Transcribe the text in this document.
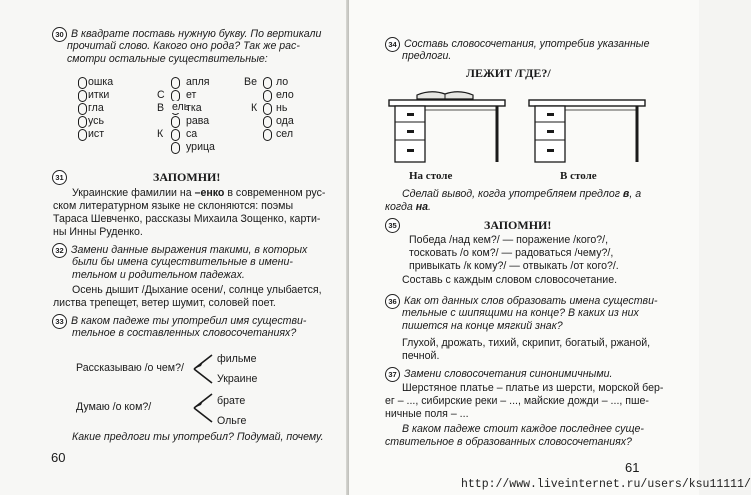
30 В квадрате поставь нужную букву. По вертикали
прочитай слово. Какого оно рода? Так же рас-
смотри остальные существительные:
ошка
итки
гла
усь
ист
С
В
К
апля
ет
ель
тка
рава
са
урица
Ве
К
ло
ело
нь
ода
сел
31	ЗАПОМНИ!
Украинские фамилии на –енко в современном рус-
ском литературном языке не склоняются: поэмы
Тараса Шевченко, рассказы Михаила Зощенко, карти-
ны Инны Руденко.
32 Замени данные выражения такими, в которых
были бы имена существительные в имени-
тельном и родительном падежах.
Осень дышит /Дыхание осени/, солнце улыбается,
листва трепещет, ветер шумит, соловей поет.
33 В каком падеже ты употребил имя существи-
тельное в составленных словосочетаниях?
Рассказываю /о чем?/
фильме
Украине
Думаю /о ком?/	брате
Ольге
Какие предлоги ты употребил? Подумай, почему.
60
34 Составь словосочетания, употребив указанные
предлоги.
ЛЕЖИТ /ГДЕ?/
На столе	В столе
Сделай вывод, когда употребляем предлог в, а
когда на.
35	ЗАПОМНИ!
Победа /над кем?/ — поражение /кого?/,
тосковать /о ком?/ — радоваться /чему?/,
привыкать /к кому?/ — отвыкать /от кого?/.
Составь с каждым словом словосочетание.
36 Как от данных слов образовать имена существи-
тельные с шипящими на конце? В каких из них
пишется на конце мягкий знак?
Глухой, дрожать, тихий, скрипит, богатый, ржаной,
печной.
37 Замени словосочетания синонимичными.
Шерстяное платье – платье из шерсти, морской бер-
ег – ..., сибирские реки – ..., майские дожди – ..., пше-
ничные поля – ...
В каком падеже стоит каждое последнее суще-
ствительное в образованных словосочетаниях?
61
http://www.liveinternet.ru/users/ksu11111/
